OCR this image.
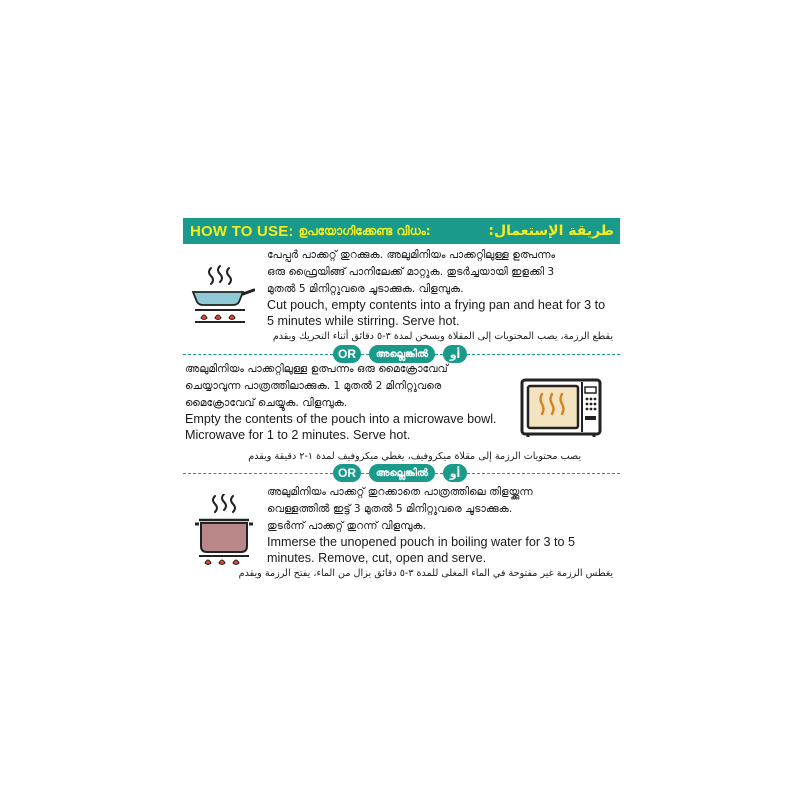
HOW TO USE: ഉപയോഗിക്കേണ്ട വിധം:	طريقة الإستعمال:
പേപ്പർ പാക്കറ്റ് തുറക്കുക. അലുമിനിയം പാക്കറ്റിലുള്ള ഉത്പന്നം
ഒരു ഫ്രൈയിങ്ങ് പാനിലേക്ക് മാറ്റുക. തുടർച്ചയായി ഇളക്കി 3
മുതൽ 5 മിനിറ്റുവരെ ചൂടാക്കുക. വിളമ്പുക.
Cut pouch, empty contents into a frying pan and heat for 3 to
5 minutes while stirring. Serve hot.
يقطع الرزمة، يصب المحتويات إلى المقلاة ويسخن لمدة ٣-٥ دقائق أثناء التحريك ويقدم
OR	അല്ലെങ്കിൽ	أو
അലുമിനിയം പാക്കറ്റിലുള്ള ഉത്പന്നം ഒരു മൈക്രോവേവ്
ചെയ്യാവുന്ന പാത്രത്തിലാക്കുക. 1 മുതൽ 2 മിനിറ്റുവരെ
മൈക്രോവേവ് ചെയ്യുക. വിളമ്പുക.
Empty the contents of the pouch into a microwave bowl.
Microwave for 1 to 2 minutes. Serve hot.
يصب محتويات الرزمة إلى مقلاة ميكروفيف، يغطي ميكروفيف لمدة ١-٢ دقيقة ويقدم
OR	അല്ലെങ്കിൽ	أو
അലുമിനിയം പാക്കറ്റ് തുറക്കാതെ പാത്രത്തിലെ തിളയ്ക്കുന്ന
വെള്ളത്തിൽ ഇട്ട് 3 മുതൽ 5 മിനിറ്റുവരെ ചൂടാക്കുക.
തുടർന്ന് പാക്കറ്റ് തുറന്ന് വിളമ്പുക.
Immerse the unopened pouch in boiling water for 3 to 5
minutes. Remove, cut, open and serve.
يغطس الرزمة غير مفتوحة في الماء المغلى للمدة ٣-٥ دقائق يزال من الماء، يفتح الرزمة ويقدم
